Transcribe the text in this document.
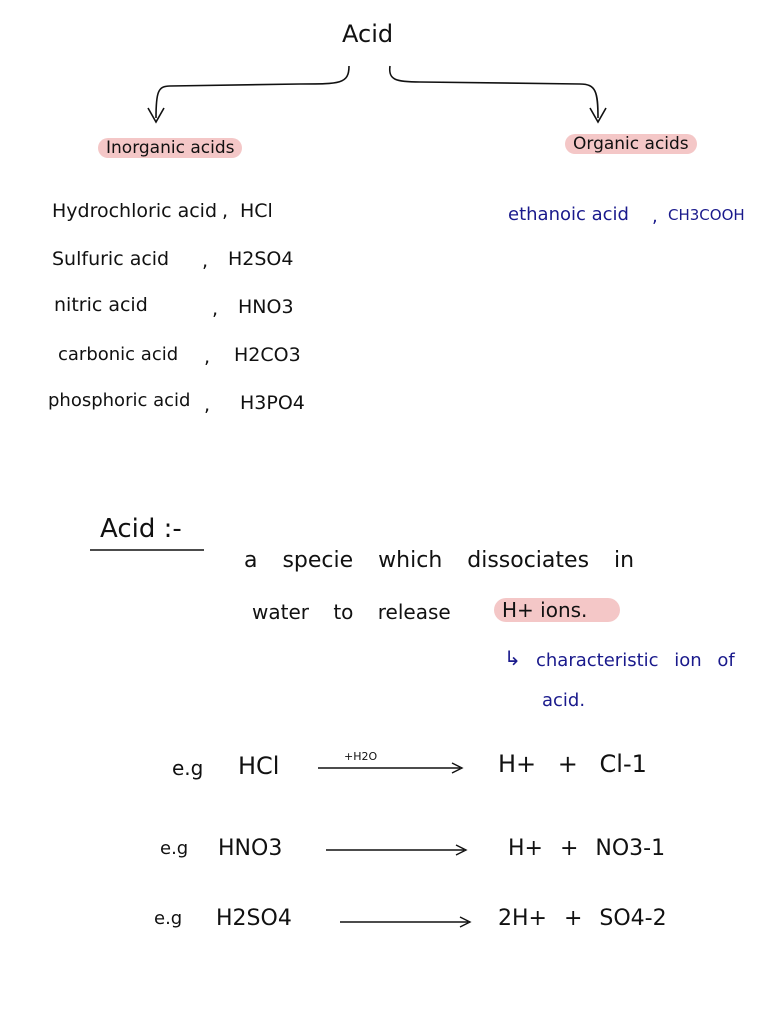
Acid
Inorganic acids	Organic acids
Hydrochloric acid , HCl
Sulfuric acid , H2SO4
nitric acid	, HNO3
carbonic acid , H2CO3
phosphoric acid , H3PO4
ethanoic acid , CH3COOH
Acid :-
a specie which dissociates in
water to release	H+ ions.
↳ characteristic ion of
acid.
e.g HCl	+H2O	H+ + Cl-1
e.g HNO3	H+ + NO3-1
e.g H2SO4	2H+ + SO4-2
